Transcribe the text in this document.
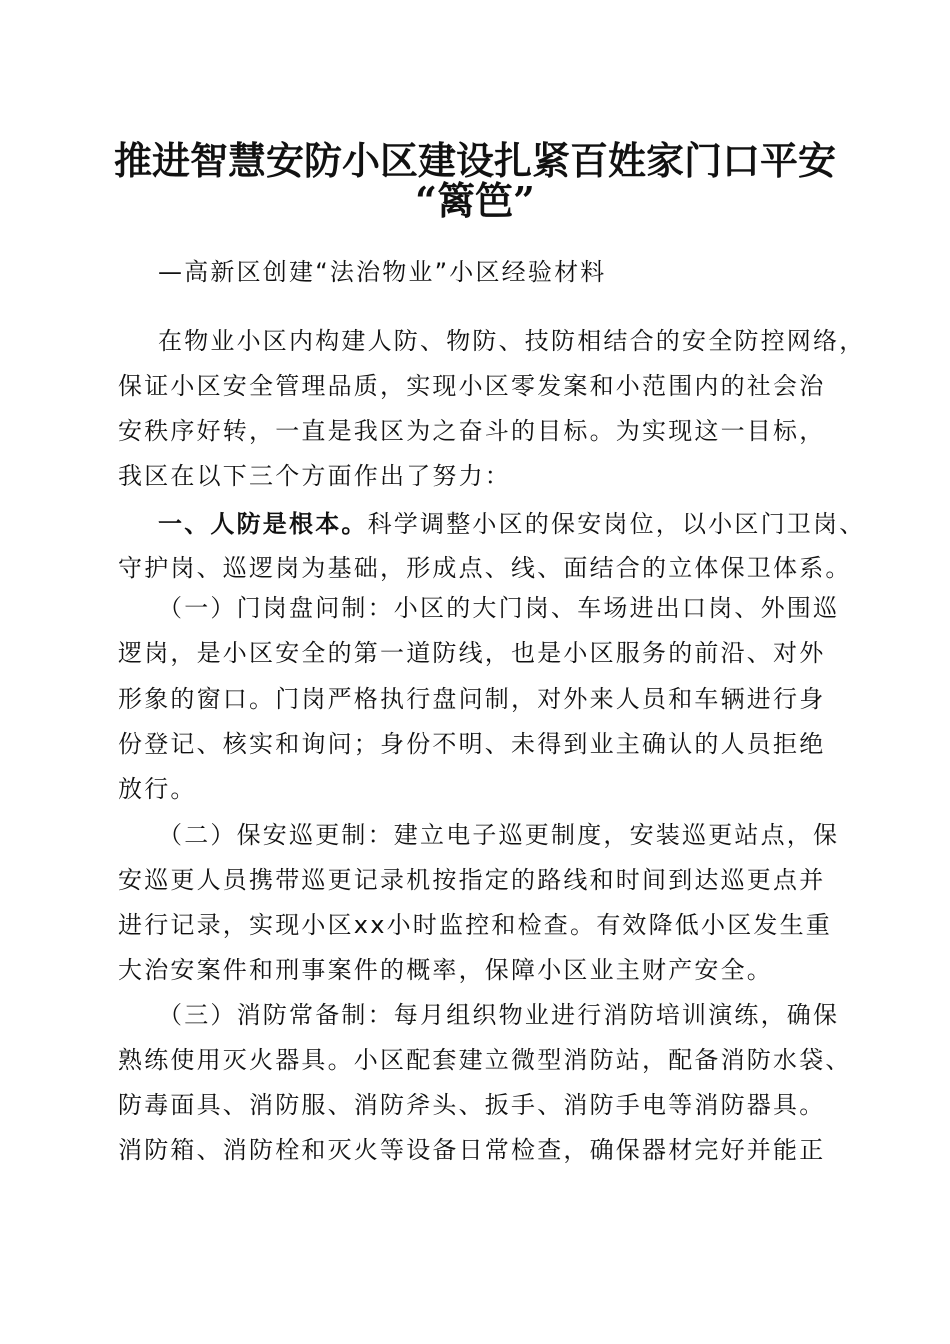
推进智慧安防小区建设扎紧百姓家门口平安
“篱笆”
—高新区创建“法治物业”小区经验材料
在物业小区内构建人防、物防、技防相结合的安全防控网络，
保证小区安全管理品质，实现小区零发案和小范围内的社会治
安秩序好转，一直是我区为之奋斗的目标。为实现这一目标，
我区在以下三个方面作出了努力：
一、人防是根本。科学调整小区的保安岗位，以小区门卫岗、
守护岗、巡逻岗为基础，形成点、线、面结合的立体保卫体系。
（一）门岗盘问制：小区的大门岗、车场进出口岗、外围巡
逻岗，是小区安全的第一道防线，也是小区服务的前沿、对外
形象的窗口。门岗严格执行盘问制，对外来人员和车辆进行身
份登记、核实和询问；身份不明、未得到业主确认的人员拒绝
放行。
（二）保安巡更制：建立电子巡更制度，安装巡更站点，保
安巡更人员携带巡更记录机按指定的路线和时间到达巡更点并
进行记录，实现小区xx小时监控和检查。有效降低小区发生重
大治安案件和刑事案件的概率，保障小区业主财产安全。
（三）消防常备制：每月组织物业进行消防培训演练，确保
熟练使用灭火器具。小区配套建立微型消防站，配备消防水袋、
防毒面具、消防服、消防斧头、扳手、消防手电等消防器具。
消防箱、消防栓和灭火等设备日常检查，确保器材完好并能正
